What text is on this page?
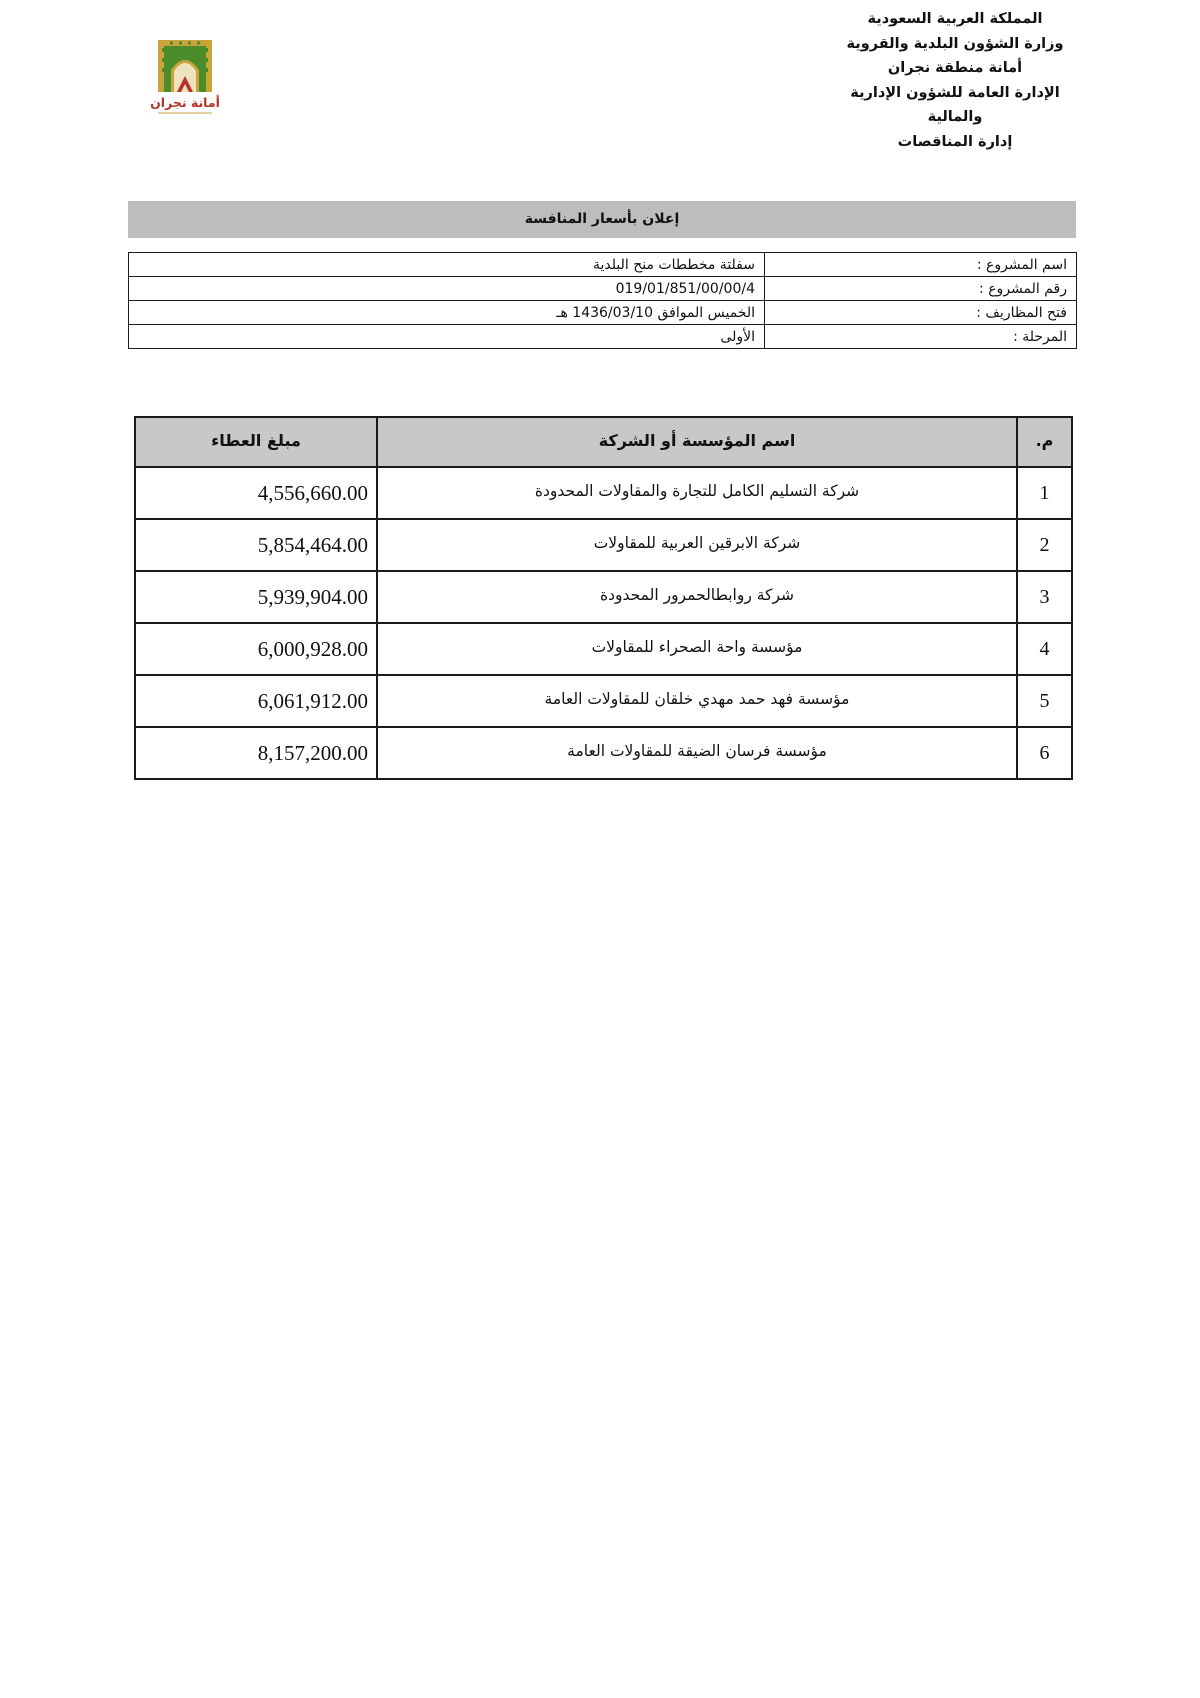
المملكة العربية السعودية
وزارة الشؤون البلدية والقروية
أمانة منطقة نجران
الإدارة العامة للشؤون الإدارية
والمالية
إدارة المناقصات
أمانة نجران
إعلان بأسعار المنافسة
اسم المشروع :	سفلتة مخططات منح البلدية
رقم المشروع :	019/01/851/00/00/4
فتح المظاريف :	الخميس الموافق 1436/03/10 هـ
المرحلة :	الأولى
م.	اسم المؤسسة أو الشركة	مبلغ العطاء
1	شركة التسليم الكامل للتجارة والمقاولات المحدودة	4,556,660.00
2	شركة الابرقين العربية للمقاولات	5,854,464.00
3	شركة روابطالحمرور المحدودة	5,939,904.00
4	مؤسسة واحة الصحراء للمقاولات	6,000,928.00
5	مؤسسة فهد حمد مهدي خلقان للمقاولات العامة	6,061,912.00
6	مؤسسة فرسان الضيقة للمقاولات العامة	8,157,200.00
